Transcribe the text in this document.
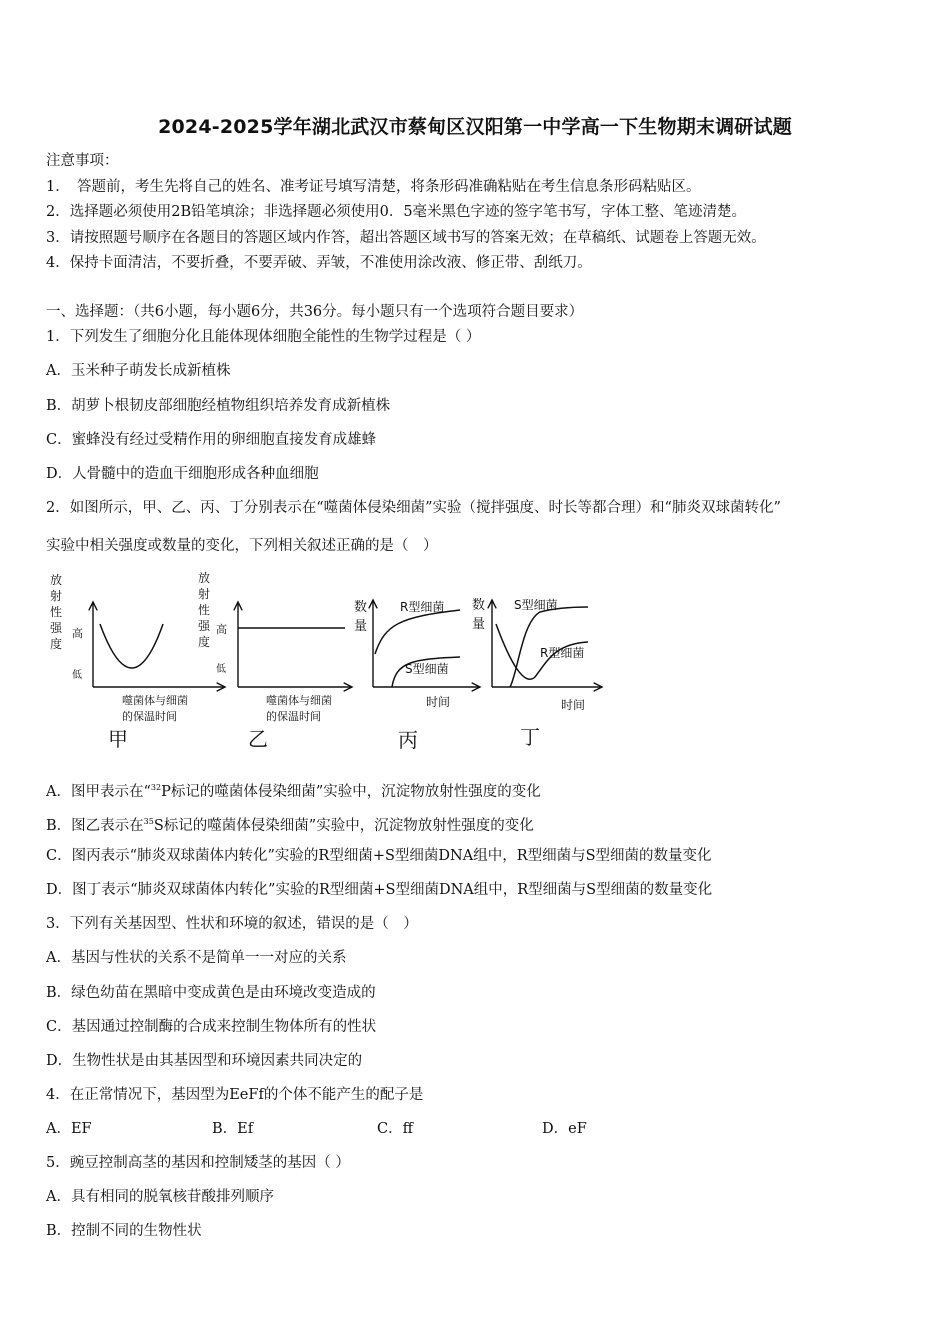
2024-2025学年湖北武汉市蔡甸区汉阳第一中学高一下生物期末调研试题
注意事项：
1．　答题前，考生先将自己的姓名、准考证号填写清楚，将条形码准确粘贴在考生信息条形码粘贴区。
2．选择题必须使用2B铅笔填涂；非选择题必须使用0．5毫米黑色字迹的签字笔书写，字体工整、笔迹清楚。
3．请按照题号顺序在各题目的答题区域内作答，超出答题区域书写的答案无效；在草稿纸、试题卷上答题无效。
4．保持卡面清洁，不要折叠，不要弄破、弄皱，不准使用涂改液、修正带、刮纸刀。
一、选择题：（共6小题，每小题6分，共36分。每小题只有一个选项符合题目要求）
1．下列发生了细胞分化且能体现体细胞全能性的生物学过程是（ ）
A．玉米种子萌发长成新植株
B．胡萝卜根韧皮部细胞经植物组织培养发育成新植株
C．蜜蜂没有经过受精作用的卵细胞直接发育成雄蜂
D．人骨髓中的造血干细胞形成各种血细胞
2．如图所示，甲、乙、丙、丁分别表示在“噬菌体侵染细菌”实验（搅拌强度、时长等都合理）和“肺炎双球菌转化”
实验中相关强度或数量的变化，下列相关叙述正确的是（　）
放
射
性
强
度
高
低
噬菌体与细菌
的保温时间
甲
放
射
性
强
度
高
低
噬菌体与细菌
的保温时间
乙
数
量
R型细菌
S型细菌
时间
丙
数
量
S型细菌
R型细菌
时间
丁
A．图甲表示在“$^{32}$P标记的噬菌体侵染细菌”实验中，沉淀物放射性强度的变化
B．图乙表示在$^{35}$S标记的噬菌体侵染细菌”实验中，沉淀物放射性强度的变化
C．图丙表示“肺炎双球菌体内转化”实验的R型细菌+S型细菌DNA组中，R型细菌与S型细菌的数量变化
D．图丁表示“肺炎双球菌体内转化”实验的R型细菌+S型细菌DNA组中，R型细菌与S型细菌的数量变化
3．下列有关基因型、性状和环境的叙述，错误的是（　）
A．基因与性状的关系不是简单一一对应的关系
B．绿色幼苗在黑暗中变成黄色是由环境改变造成的
C．基因通过控制酶的合成来控制生物体所有的性状
D．生物性状是由其基因型和环境因素共同决定的
4．在正常情况下，基因型为EeFf的个体不能产生的配子是
A．EF	B．Ef	C．ff	D．eF
5．豌豆控制高茎的基因和控制矮茎的基因（ ）
A．具有相同的脱氧核苷酸排列顺序
B．控制不同的生物性状
